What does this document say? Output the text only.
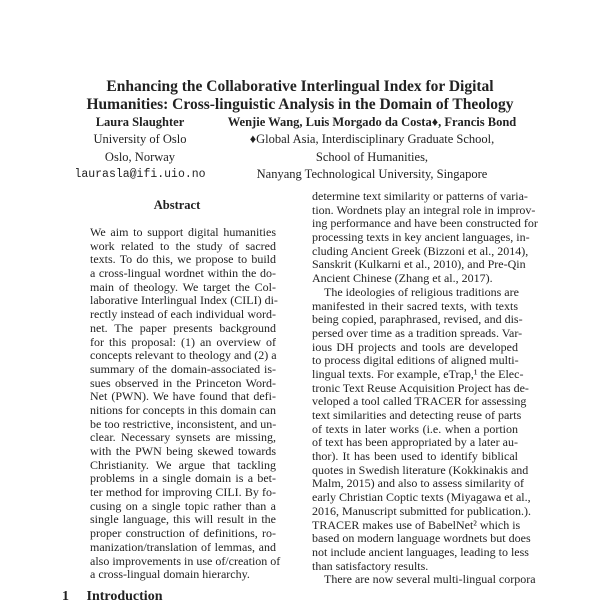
Enhancing the Collaborative Interlingual Index for Digital
Humanities: Cross-linguistic Analysis in the Domain of Theology
Laura Slaughter
University of Oslo
Oslo, Norway
laurasla@ifi.uio.no
Wenjie Wang, Luis Morgado da Costa♦, Francis Bond
♦Global Asia, Interdisciplinary Graduate School,
School of Humanities,
Nanyang Technological University, Singapore
Abstract
We aim to support digital humanities
work related to the study of sacred
texts. To do this, we propose to build
a cross-lingual wordnet within the do-
main of theology. We target the Col-
laborative Interlingual Index (CILI) di-
rectly instead of each individual word-
net. The paper presents background
for this proposal: (1) an overview of
concepts relevant to theology and (2) a
summary of the domain-associated is-
sues observed in the Princeton Word-
Net (PWN). We have found that defi-
nitions for concepts in this domain can
be too restrictive, inconsistent, and un-
clear. Necessary synsets are missing,
with the PWN being skewed towards
Christianity. We argue that tackling
problems in a single domain is a bet-
ter method for improving CILI. By fo-
cusing on a single topic rather than a
single language, this will result in the
proper construction of definitions, ro-
manization/translation of lemmas, and
also improvements in use of/creation of
a cross-lingual domain hierarchy.
1 Introduction
determine text similarity or patterns of varia-
tion. Wordnets play an integral role in improv-
ing performance and have been constructed for
processing texts in key ancient languages, in-
cluding Ancient Greek (Bizzoni et al., 2014),
Sanskrit (Kulkarni et al., 2010), and Pre-Qin
Ancient Chinese (Zhang et al., 2017).
The ideologies of religious traditions are
manifested in their sacred texts, with texts
being copied, paraphrased, revised, and dis-
persed over time as a tradition spreads. Var-
ious DH projects and tools are developed
to process digital editions of aligned multi-
lingual texts. For example, eTrap,¹ the Elec-
tronic Text Reuse Acquisition Project has de-
veloped a tool called TRACER for assessing
text similarities and detecting reuse of parts
of texts in later works (i.e. when a portion
of text has been appropriated by a later au-
thor). It has been used to identify biblical
quotes in Swedish literature (Kokkinakis and
Malm, 2015) and also to assess similarity of
early Christian Coptic texts (Miyagawa et al.,
2016, Manuscript submitted for publication.).
TRACER makes use of BabelNet² which is
based on modern language wordnets but does
not include ancient languages, leading to less
than satisfactory results.
There are now several multi-lingual corpora
